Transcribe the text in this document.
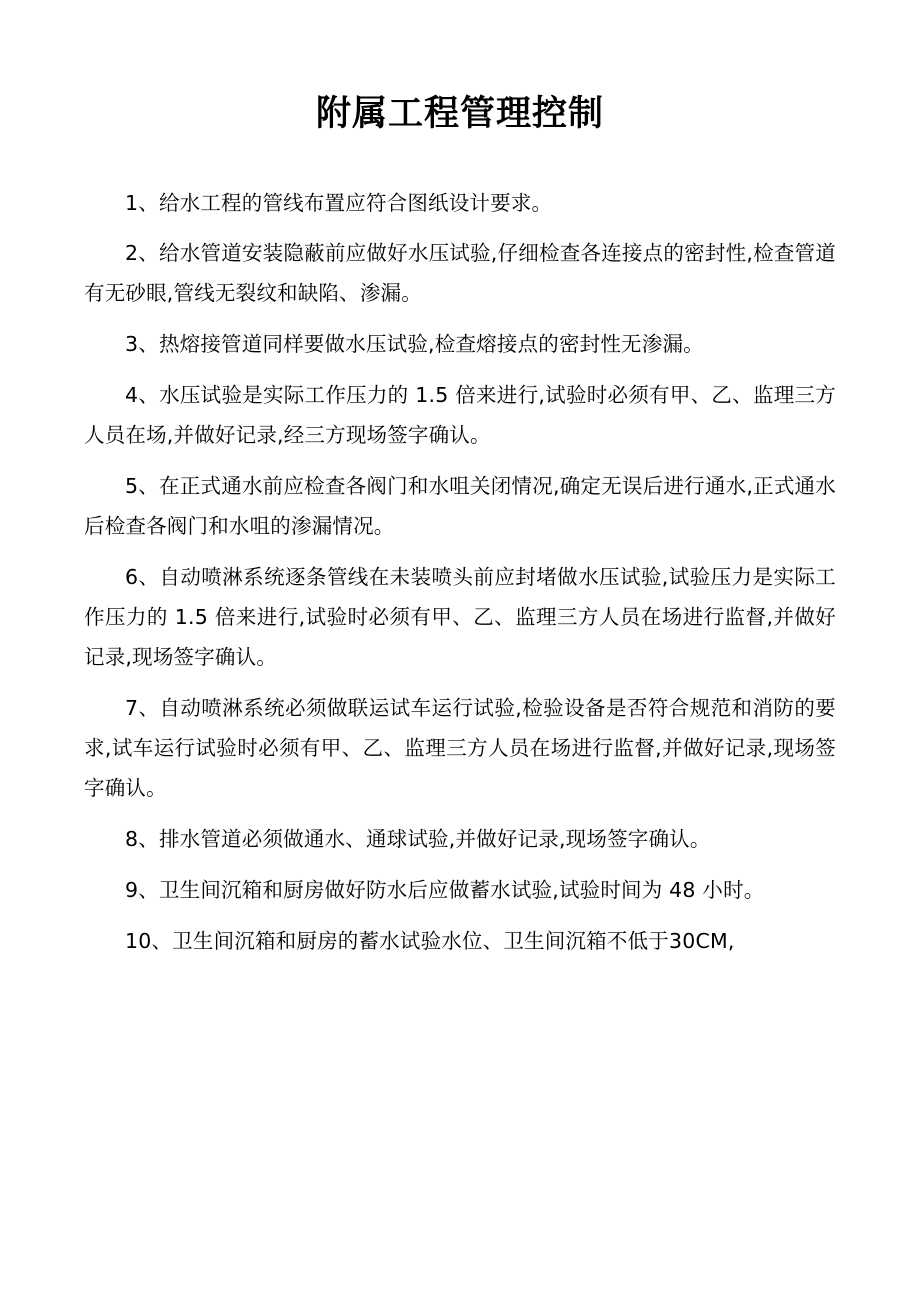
附属工程管理控制

1、给水工程的管线布置应符合图纸设计要求。

2、给水管道安装隐蔽前应做好水压试验,仔细检查各连接点的密封性,检查管道有无砂眼,管线无裂纹和缺陷、渗漏。

3、热熔接管道同样要做水压试验,检查熔接点的密封性无渗漏。

4、水压试验是实际工作压力的 1.5 倍来进行,试验时必须有甲、乙、监理三方人员在场,并做好记录,经三方现场签字确认。

5、在正式通水前应检查各阀门和水咀关闭情况,确定无误后进行通水,正式通水后检查各阀门和水咀的渗漏情况。

6、自动喷淋系统逐条管线在未装喷头前应封堵做水压试验,试验压力是实际工作压力的 1.5 倍来进行,试验时必须有甲、乙、监理三方人员在场进行监督,并做好记录,现场签字确认。

7、自动喷淋系统必须做联运试车运行试验,检验设备是否符合规范和消防的要求,试车运行试验时必须有甲、乙、监理三方人员在场进行监督,并做好记录,现场签字确认。

8、排水管道必须做通水、通球试验,并做好记录,现场签字确认。

9、卫生间沉箱和厨房做好防水后应做蓄水试验,试验时间为 48 小时。

10、卫生间沉箱和厨房的蓄水试验水位、卫生间沉箱不低于30CM,
